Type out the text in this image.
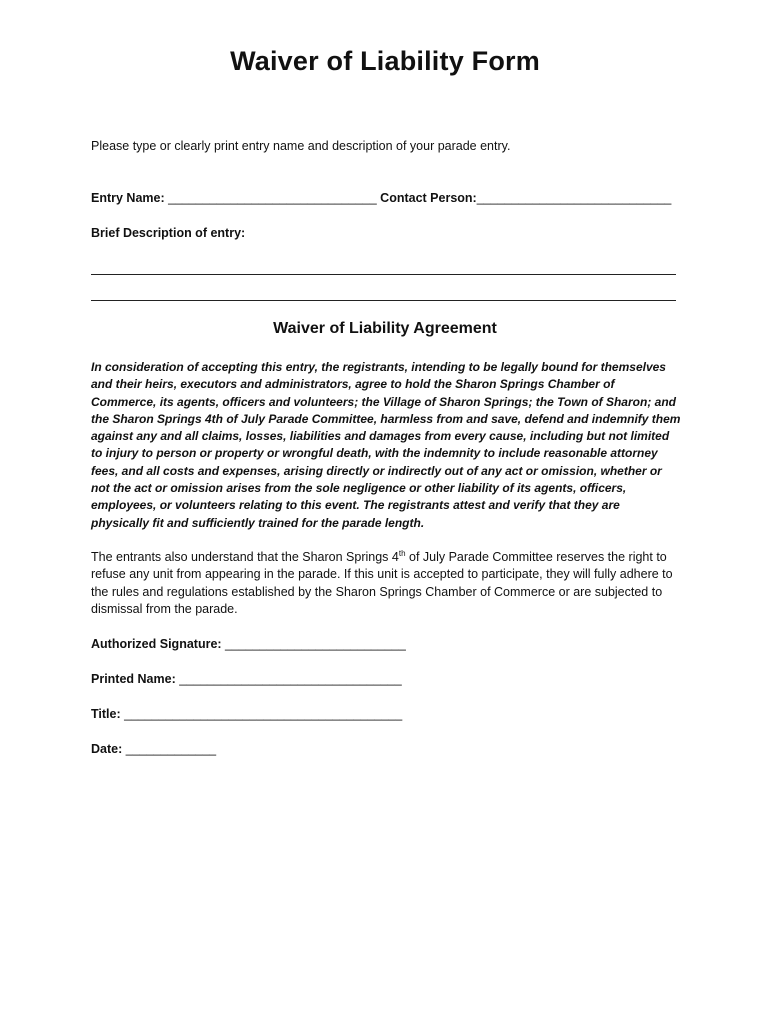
Waiver of Liability Form
Please type or clearly print entry name and description of your parade entry.
Entry Name: ______________________________ Contact Person:____________________________
Brief Description of entry:
Waiver of Liability Agreement
In consideration of accepting this entry, the registrants, intending to be legally bound for themselves and their heirs, executors and administrators, agree to hold the Sharon Springs Chamber of Commerce, its agents, officers and volunteers; the Village of Sharon Springs; the Town of Sharon; and the Sharon Springs 4th of July Parade Committee, harmless from and save, defend and indemnify them against any and all claims, losses, liabilities and damages from every cause, including but not limited to injury to person or property or wrongful death, with the indemnity to include reasonable attorney fees, and all costs and expenses, arising directly or indirectly out of any act or omission, whether or not the act or omission arises from the sole negligence or other liability of its agents, officers, employees, or volunteers relating to this event. The registrants attest and verify that they are physically fit and sufficiently trained for the parade length.
The entrants also understand that the Sharon Springs 4th of July Parade Committee reserves the right to refuse any unit from appearing in the parade. If this unit is accepted to participate, they will fully adhere to the rules and regulations established by the Sharon Springs Chamber of Commerce or are subjected to dismissal from the parade.
Authorized Signature: __________________________
Printed Name: ________________________________
Title: ________________________________________
Date: _____________
